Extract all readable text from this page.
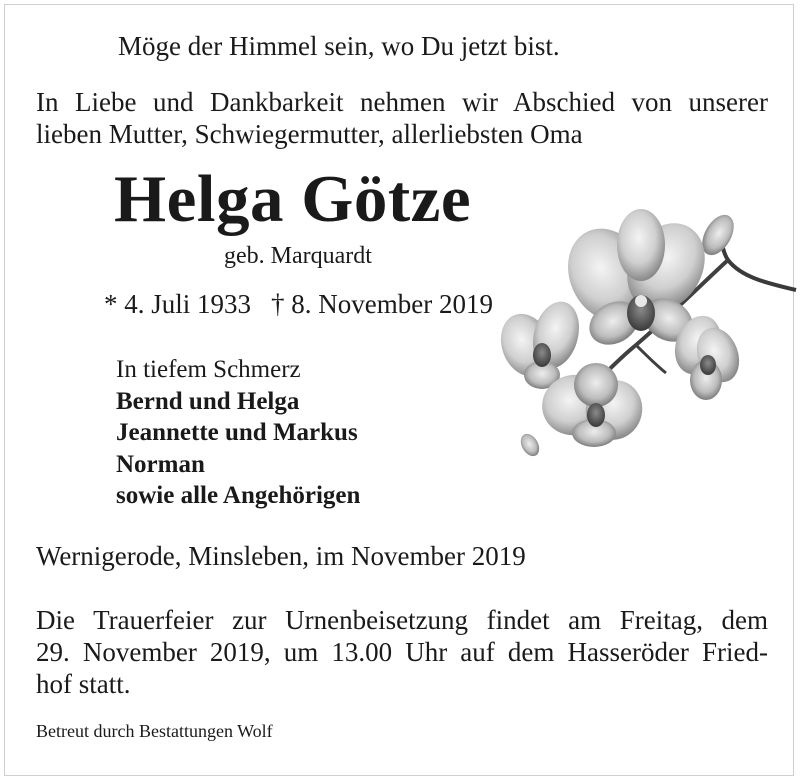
Möge der Himmel sein, wo Du jetzt bist.
In Liebe und Dankbarkeit nehmen wir Abschied von unserer
lieben Mutter, Schwiegermutter, allerliebsten Oma
Helga Götze
geb. Marquardt
* 4. Juli 1933 † 8. November 2019
In tiefem Schmerz
Bernd und Helga
Jeannette und Markus
Norman
sowie alle Angehörigen
Wernigerode, Minsleben, im November 2019
Die Trauerfeier zur Urnenbeisetzung findet am Freitag, dem
29. November 2019, um 13.00 Uhr auf dem Hasseröder Fried-
hof statt.
Betreut durch Bestattungen Wolf
